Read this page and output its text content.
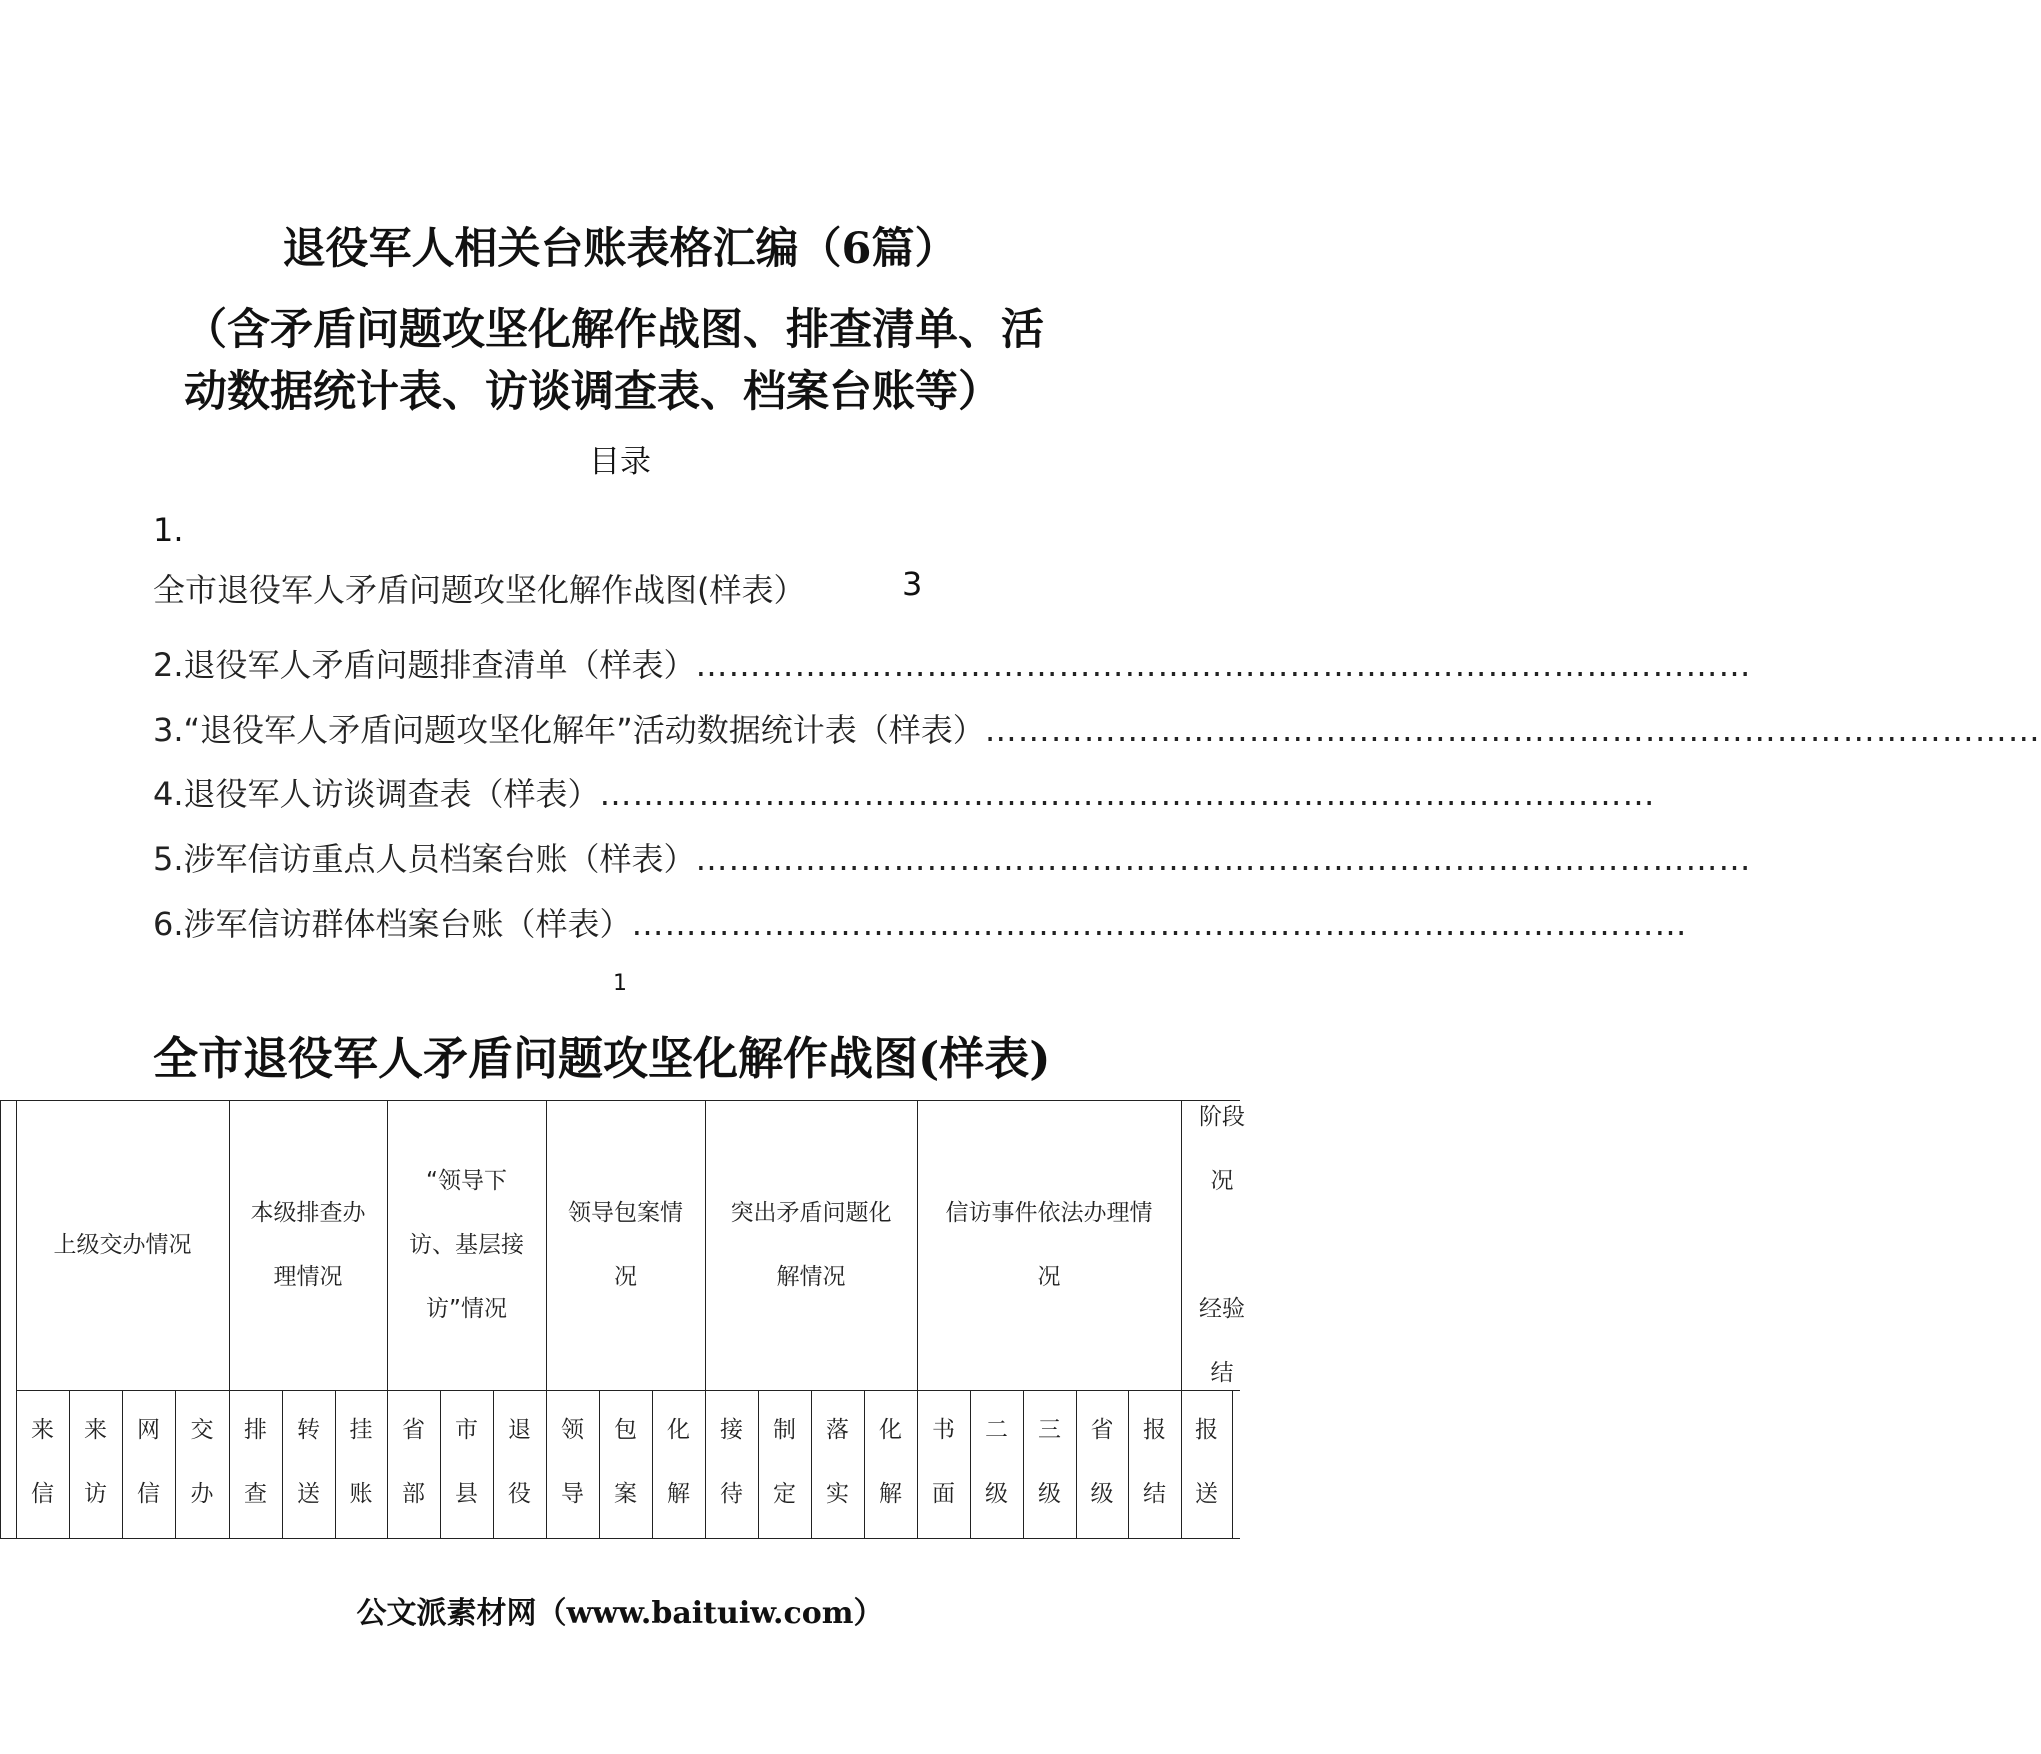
退役军人相关台账表格汇编（6篇）
（含矛盾问题攻坚化解作战图、排查清单、活
动数据统计表、访谈调查表、档案台账等）
目录
1.
全市退役军人矛盾问题攻坚化解作战图(样表）	3
2.退役军人矛盾问题排查清单（样表）……………………………………………………………………………………
3.“退役军人矛盾问题攻坚化解年”活动数据统计表（样表）……………………………………………………………………………………
4.退役军人访谈调查表（样表）……………………………………………………………………………………
5.涉军信访重点人员档案台账（样表）……………………………………………………………………………………
6.涉军信访群体档案台账（样表）……………………………………………………………………………………
1
全市退役军人矛盾问题攻坚化解作战图(样表)
上级交办情况
本级排查办
理情况
“领导下
访、基层接
访”情况
领导包案情
况
突出矛盾问题化
解情况
信访事件依法办理情
况
阶段
况

经验
结
来
信
来
访
网
信
交
办
排
查
转
送
挂
账
省
部
市
县
退
役
领
导
包
案
化
解
接
待
制
定
落
实
化
解
书
面
二
级
三
级
省
级
报
结
报
送
公文派素材网（www.baituiw.com）
